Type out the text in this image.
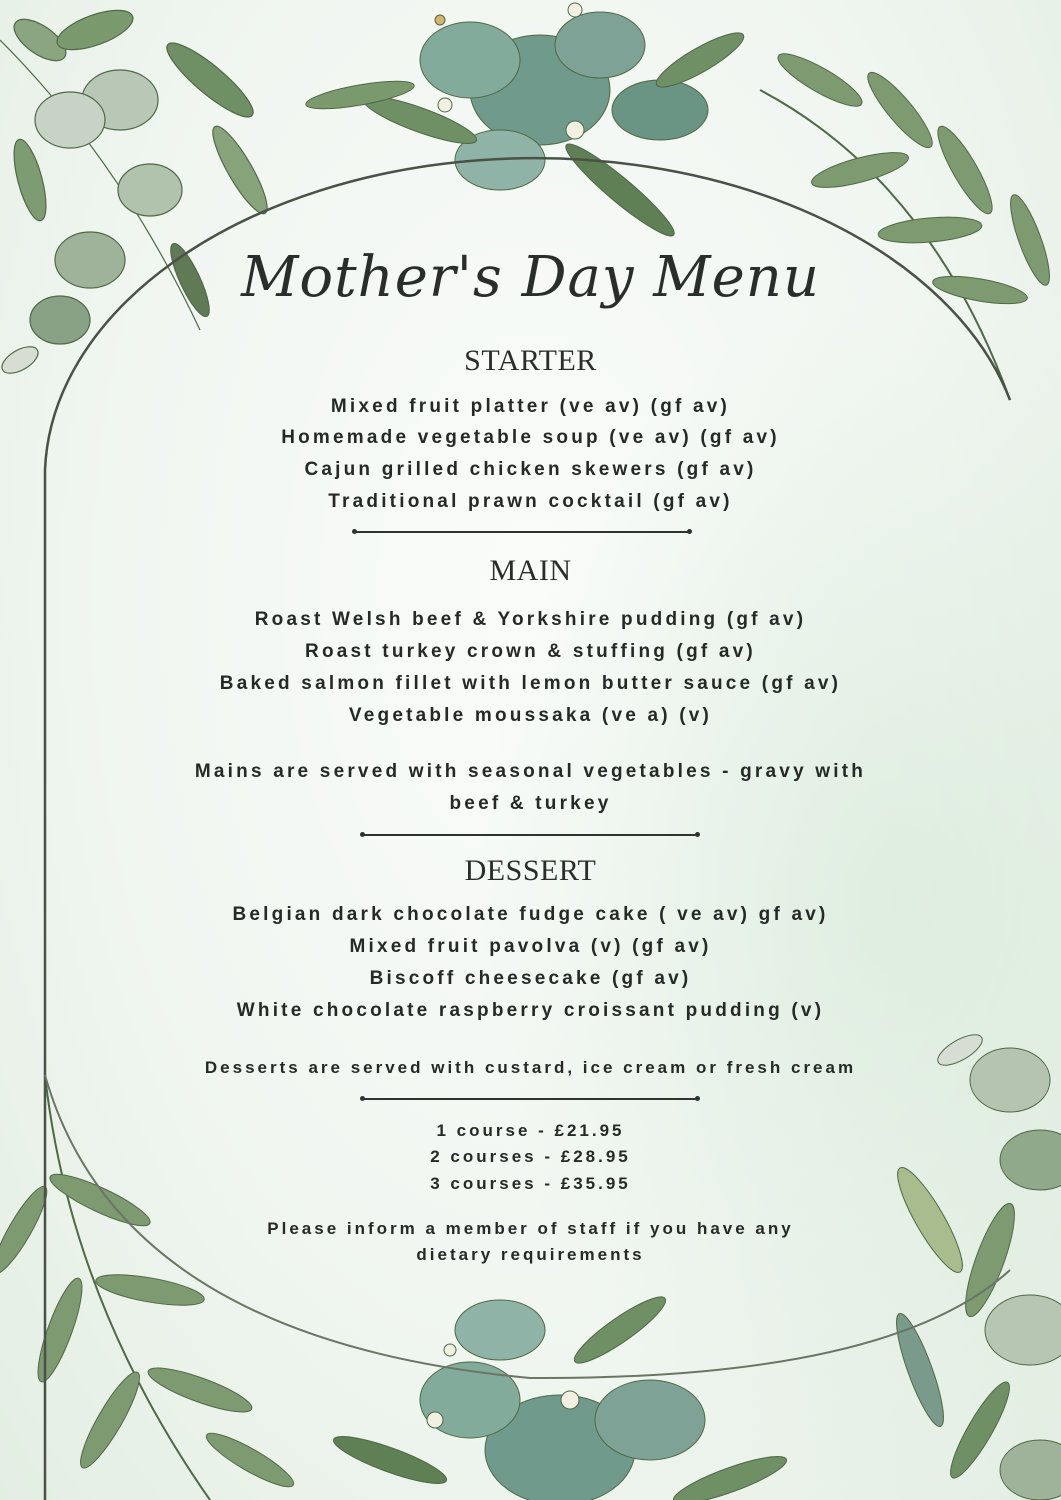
Mother's Day Menu
STARTER
Mixed fruit platter (ve av) (gf av)
Homemade vegetable soup (ve av) (gf av)
Cajun grilled chicken skewers (gf av)
Traditional prawn cocktail (gf av)
MAIN
Roast Welsh beef & Yorkshire pudding (gf av)
Roast turkey crown & stuffing (gf av)
Baked salmon fillet with lemon butter sauce (gf av)
Vegetable moussaka (ve a) (v)
Mains are served with seasonal vegetables - gravy with
beef & turkey
DESSERT
Belgian dark chocolate fudge cake ( ve av) gf av)
Mixed fruit pavolva (v) (gf av)
Biscoff cheesecake (gf av)
White chocolate raspberry croissant pudding (v)
Desserts are served with custard, ice cream or fresh cream
1 course - £21.95
2 courses - £28.95
3 courses - £35.95
Please inform a member of staff if you have any
dietary requirements
